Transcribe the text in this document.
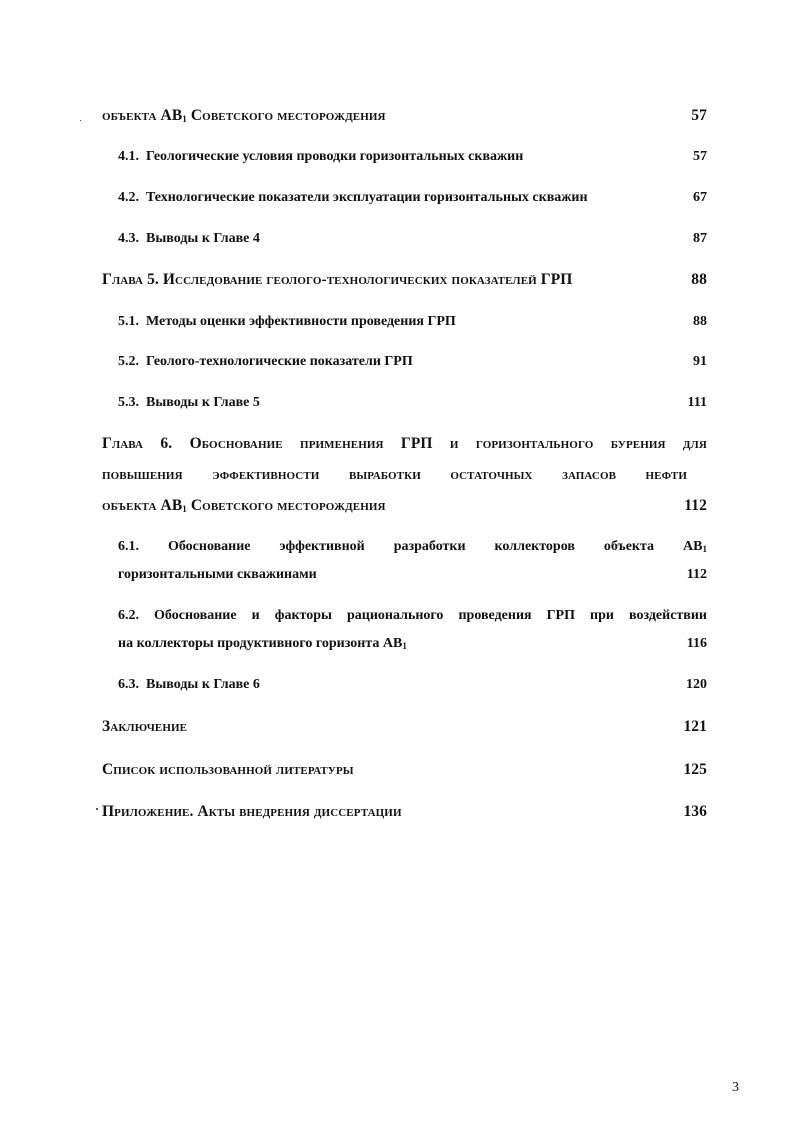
объекта $АВ_1$ Советского месторождения	57
4.1. Геологические условия проводки горизонтальных скважин	57
4.2. Технологические показатели эксплуатации горизонтальных скважин	67
4.3. Выводы к Главе 4	87
Глава 5. Исследование геолого-технологических показателей ГРП	88
5.1. Методы оценки эффективности проведения ГРП	88
5.2. Геолого-технологические показатели ГРП	91
5.3. Выводы к Главе 5	111
Глава 6. Обоснование применения ГРП и горизонтального бурения для
повышения эффективности выработки остаточных запасов нефти
объекта $АВ_1$ Советского месторождения	112
6.1. Обоснование эффективной разработки коллекторов объекта $АВ_1$
горизонтальными скважинами	112
6.2. Обоснование и факторы рационального проведения ГРП при воздействии
на коллекторы продуктивного горизонта $АВ_1$	116
6.3. Выводы к Главе 6	120
Заключение	121
Список использованной литературы	125
Приложение. Акты внедрения диссертации	136
3
